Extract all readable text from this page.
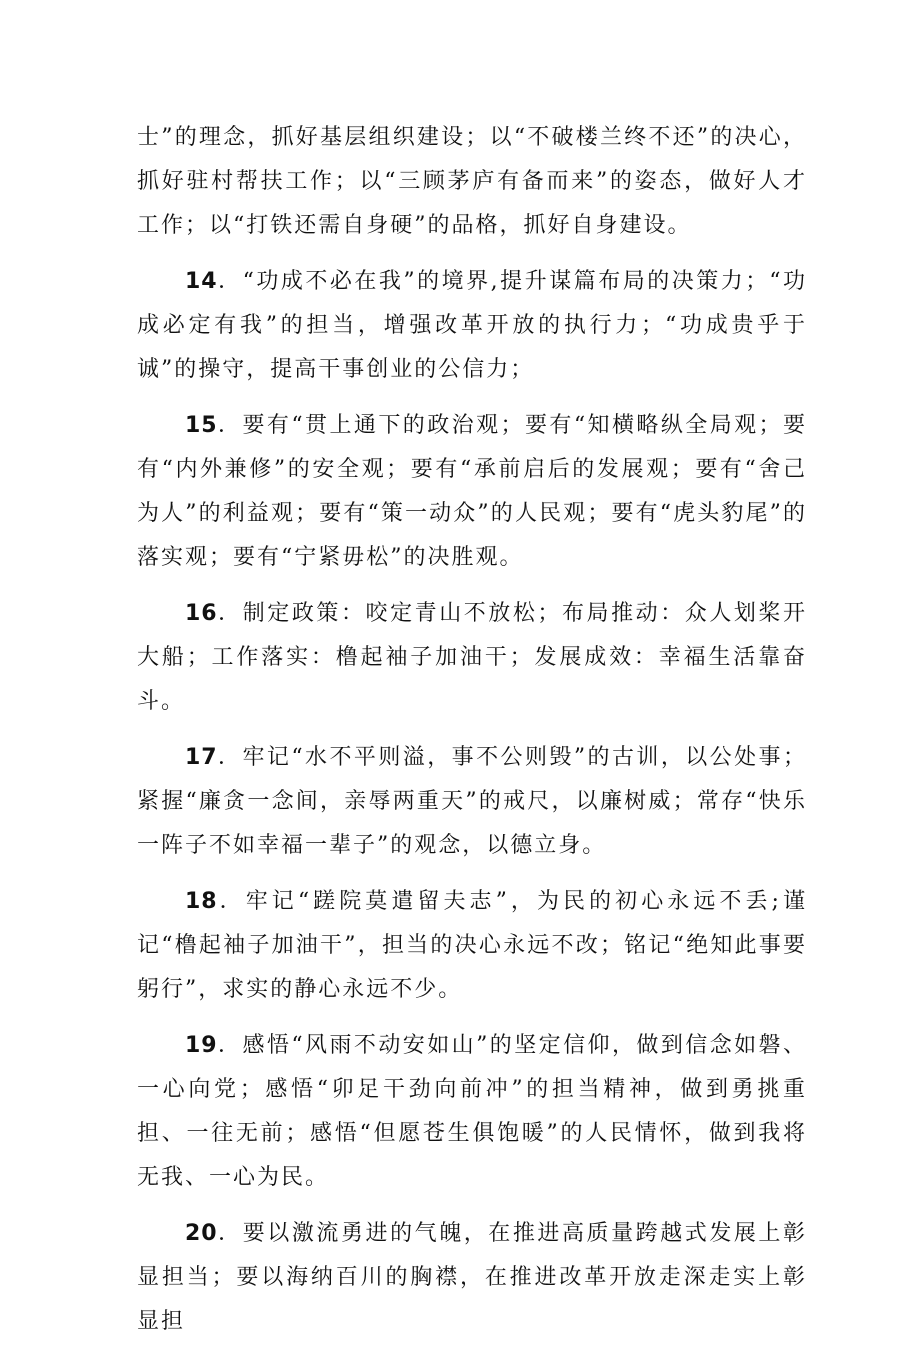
士”的理念，抓好基层组织建设；以“不破楼兰终不还”的决心，抓好驻村帮扶工作；以“三顾茅庐有备而来”的姿态，做好人才工作；以“打铁还需自身硬”的品格，抓好自身建设。

14．“功成不必在我”的境界,提升谋篇布局的决策力；“功成必定有我”的担当，增强改革开放的执行力；“功成贵乎于诚”的操守，提高干事创业的公信力；

15．要有“贯上通下的政治观；要有“知横略纵全局观；要有“内外兼修”的安全观；要有“承前启后的发展观；要有“舍己为人”的利益观；要有“策一动众”的人民观；要有“虎头豹尾”的落实观；要有“宁紧毋松”的决胜观。

16．制定政策：咬定青山不放松；布局推动：众人划桨开大船；工作落实：橹起袖子加油干；发展成效：幸福生活靠奋斗。

17．牢记“水不平则溢，事不公则毁”的古训，以公处事；紧握“廉贪一念间，亲辱两重天”的戒尺，以廉树威；常存“快乐一阵子不如幸福一辈子”的观念，以德立身。

18．牢记“蹉院莫遣留夫志”，为民的初心永远不丢;谨记“橹起袖子加油干”，担当的决心永远不改；铭记“绝知此事要躬行”，求实的静心永远不少。

19．感悟“风雨不动安如山”的坚定信仰，做到信念如磐、一心向党；感悟“卯足干劲向前冲”的担当精神，做到勇挑重担、一往无前；感悟“但愿苍生俱饱暖”的人民情怀，做到我将无我、一心为民。

20．要以激流勇进的气魄，在推进高质量跨越式发展上彰显担当；要以海纳百川的胸襟，在推进改革开放走深走实上彰显担
